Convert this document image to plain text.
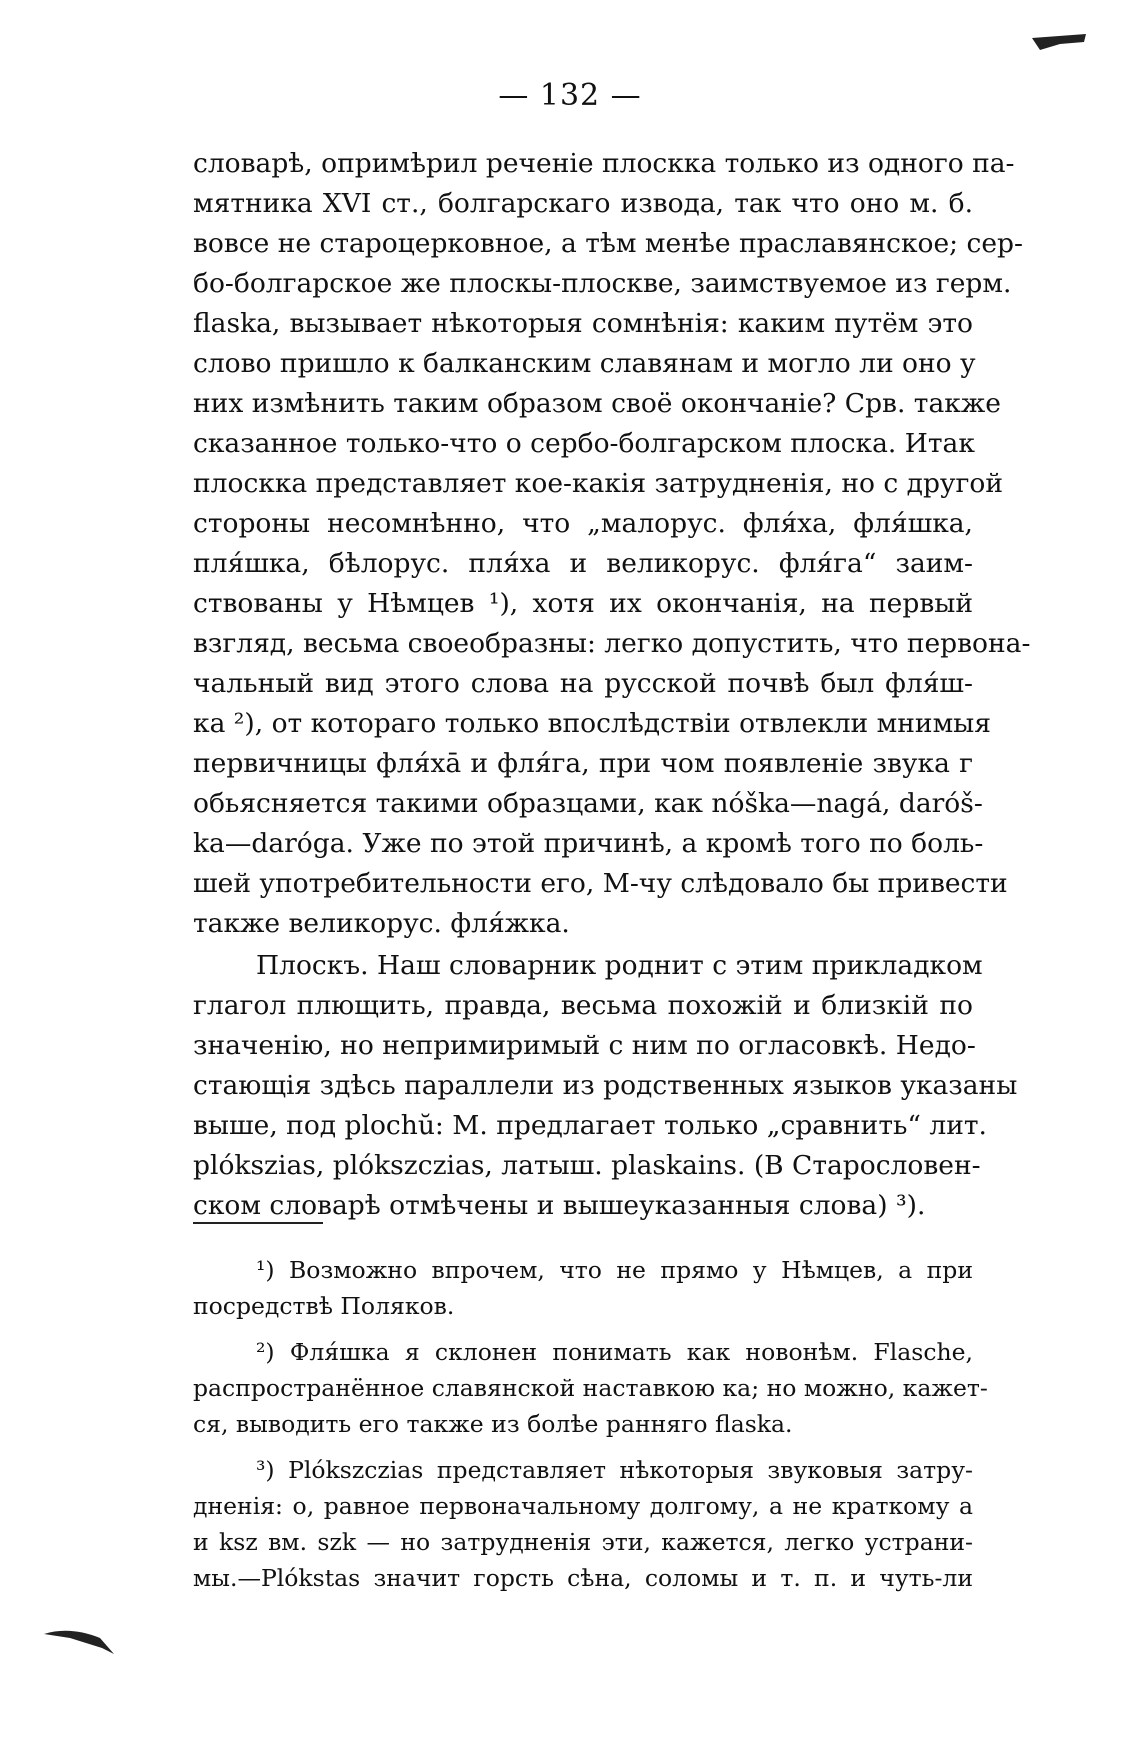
— 132 —
словарѣ, опримѣрил реченіе плоскка только из одного па-
мятника XVI ст., болгарскаго извода, так что оно м. б.
вовсе не староцерковное, а тѣм менѣе праславянское; сер-
бо-болгарское же плоскы-плоскве, заимствуемое из герм.
flaska, вызывает нѣкоторыя сомнѣнія: каким путём это
слово пришло к балканским славянам и могло ли оно у
них измѣнить таким образом своё окончаніе? Срв. также
сказанное только-что о сербо-болгарском плоска. Итак
плоскка представляет кое-какія затрудненія, но с другой
стороны несомнѣнно, что „малорус. фля́ха, фля́шка,
пля́шка, бѣлорус. пля́ха и великорус. фля́га“ заим-
ствованы у Нѣмцев ¹), хотя их окончанія, на первый
взгляд, весьма своеобразны: легко допустить, что первона-
чальный вид этого слова на русской почвѣ был фля́ш-
ка ²), от котораго только впослѣдствіи отвлекли мнимыя
первичницы фля́ха̄ и фля́га, при чом появленіе звука г
обьясняется такими образцами, как nóška—nagá, daróš-
ka—daróga. Уже по этой причинѣ, а кромѣ того по боль-
шей употребительности его, М-чу слѣдовало бы привести
также великорус. фля́жка.
Плоскъ. Наш словарник роднит с этим прикладком
глагол плющить, правда, весьма похожій и близкій по
значенію, но непримиримый с ним по огласовкѣ. Недо-
стающія здѣсь параллели из родственных языков указаны
выше, под plochŭ: М. предлагает только „сравнить“ лит.
plókszias, plókszczias, латыш. plaskains. (В Старословен-
ском словарѣ отмѣчены и вышеуказанныя слова) ³).
¹) Возможно впрочем, что не прямо у Нѣмцев, а при
посредствѣ Поляков.
²) Фля́шка я склонен понимать как новонѣм. Flasche,
распространённое славянской наставкою ка; но можно, кажет-
ся, выводить его также из болѣе ранняго flaska.
³) Plókszczias представляет нѣкоторыя звуковыя затру-
дненія: о, равное первоначальному долгому, а не краткому а
и ksz вм. szk — но затрудненія эти, кажется, легко устрани-
мы.—Plókstas значит горсть сѣна, соломы и т. п. и чуть-ли
